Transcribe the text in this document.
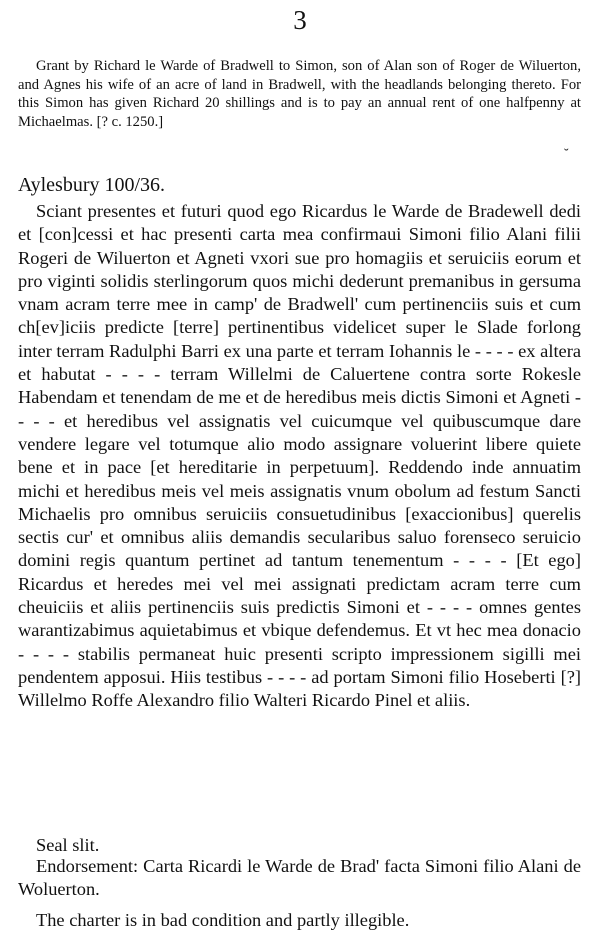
3

Grant by Richard le Warde of Bradwell to Simon, son of Alan son of Roger de Wiluerton, and Agnes his wife of an acre of land in Bradwell, with the headlands belonging thereto. For this Simon has given Richard 20 shillings and is to pay an annual rent of one halfpenny at Michaelmas. [? c. 1250.]

˘

Aylesbury 100/36.

Sciant presentes et futuri quod ego Ricardus le Warde de Bradewell dedi et [con]cessi et hac presenti carta mea confirmaui Simoni filio Alani filii Rogeri de Wiluerton et Agneti vxori sue pro homagiis et seruiciis eorum et pro viginti solidis sterlingorum quos michi dederunt premanibus in gersuma vnam acram terre mee in camp' de Bradwell' cum pertinenciis suis et cum ch[ev]iciis predicte [terre] pertinentibus videlicet super le Slade forlong inter terram Radulphi Barri ex una parte et terram Iohannis le - - - - ex altera et habutat - - - - terram Willelmi de Caluertene contra sorte Rokesle Habendam et tenendam de me et de heredibus meis dictis Simoni et Agneti - - - - et heredibus vel assignatis vel cuicumque vel quibuscumque dare vendere legare vel totumque alio modo assignare voluerint libere quiete bene et in pace [et hereditarie in perpetuum]. Reddendo inde annuatim michi et heredibus meis vel meis assignatis vnum obolum ad festum Sancti Michaelis pro omnibus seruiciis consuetudinibus [exaccionibus] querelis sectis cur' et omnibus aliis demandis secularibus saluo forenseco seruicio domini regis quantum pertinet ad tantum tenementum - - - - [Et ego] Ricardus et heredes mei vel mei assignati predictam acram terre cum cheuiciis et aliis pertinenciis suis predictis Simoni et - - - - omnes gentes warantizabimus aquietabimus et vbique defendemus. Et vt hec mea donacio - - - - stabilis permaneat huic presenti scripto impressionem sigilli mei pendentem apposui. Hiis testibus - - - - ad portam Simoni filio Hoseberti [?] Willelmo Roffe Alexandro filio Walteri Ricardo Pinel et aliis.

Seal slit.

Endorsement: Carta Ricardi le Warde de Brad' facta Simoni filio Alani de Woluerton.

The charter is in bad condition and partly illegible.
